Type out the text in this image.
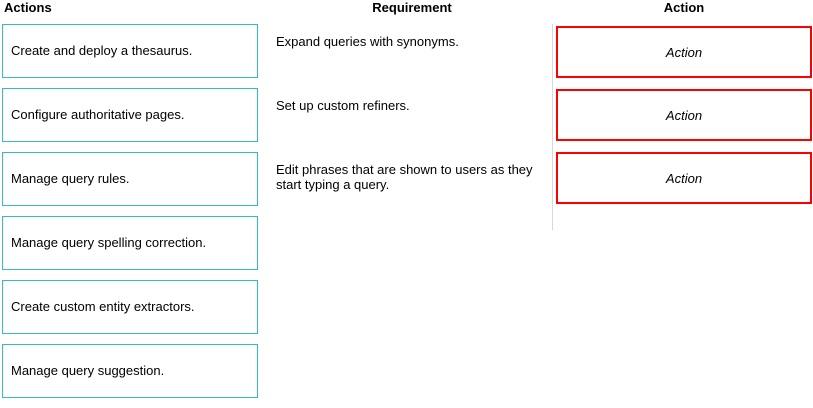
Actions	Requirement	Action
Create and deploy a thesaurus.
Configure authoritative pages.
Manage query rules.
Manage query spelling correction.
Create custom entity extractors.
Manage query suggestion.
Expand queries with synonyms.
Set up custom refiners.
Edit phrases that are shown to users as they start typing a query.
Action
Action
Action
